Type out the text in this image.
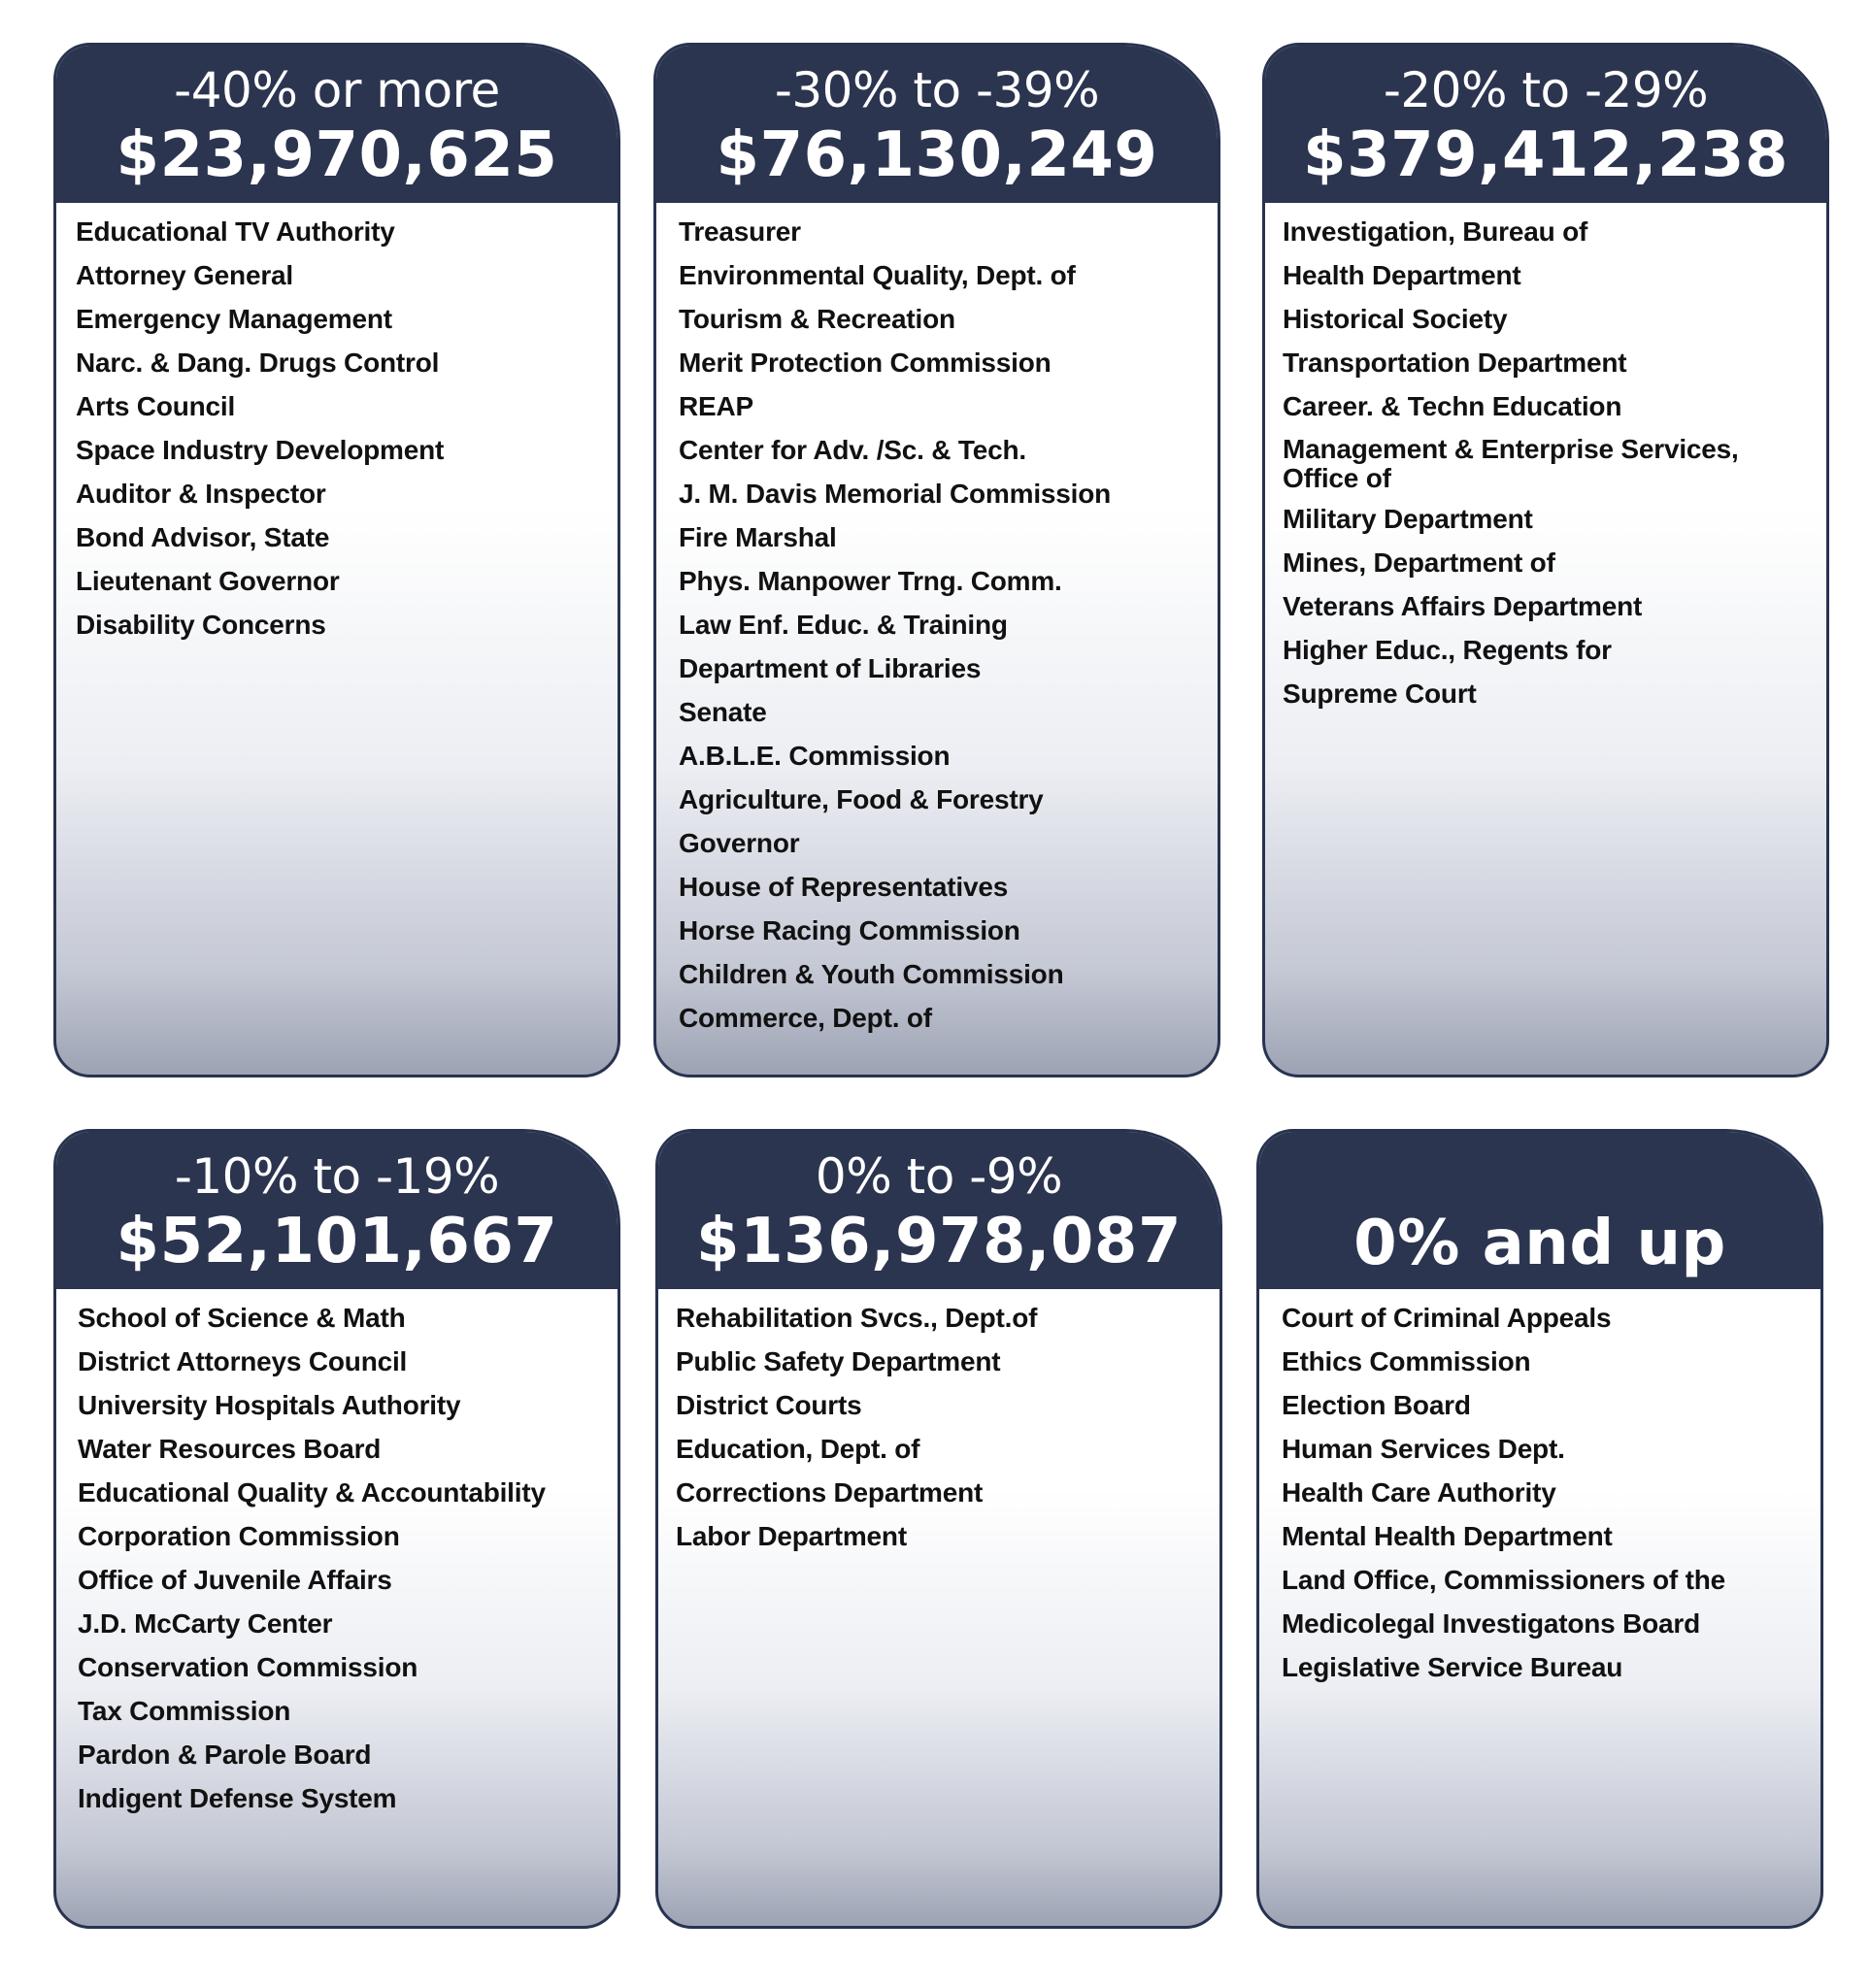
-40% or more
$23,970,625
Educational TV Authority
Attorney General
Emergency Management
Narc. & Dang. Drugs Control
Arts Council
Space Industry Development
Auditor & Inspector
Bond Advisor, State
Lieutenant Governor
Disability Concerns
-30% to -39%
$76,130,249
Treasurer
Environmental Quality, Dept. of
Tourism & Recreation
Merit Protection Commission
REAP
Center for Adv. /Sc. & Tech.
J. M. Davis Memorial Commission
Fire Marshal
Phys. Manpower Trng. Comm.
Law Enf. Educ. & Training
Department of Libraries
Senate
A.B.L.E. Commission
Agriculture, Food & Forestry
Governor
House of Representatives
Horse Racing Commission
Children & Youth Commission
Commerce, Dept. of
-20% to -29%
$379,412,238
Investigation, Bureau of
Health Department
Historical Society
Transportation Department
Career. & Techn Education
Management & Enterprise Services, Office of
Military Department
Mines, Department of
Veterans Affairs Department
Higher Educ., Regents for
Supreme Court
-10% to -19%
$52,101,667
School of Science & Math
District Attorneys Council
University Hospitals Authority
Water Resources Board
Educational Quality & Accountability
Corporation Commission
Office of Juvenile Affairs
J.D. McCarty Center
Conservation Commission
Tax Commission
Pardon & Parole Board
Indigent Defense System
0% to -9%
$136,978,087
Rehabilitation Svcs., Dept.of
Public Safety Department
District Courts
Education, Dept. of
Corrections Department
Labor Department
0% and up
Court of Criminal Appeals
Ethics Commission
Election Board
Human Services Dept.
Health Care Authority
Mental Health Department
Land Office, Commissioners of the
Medicolegal Investigatons Board
Legislative Service Bureau
